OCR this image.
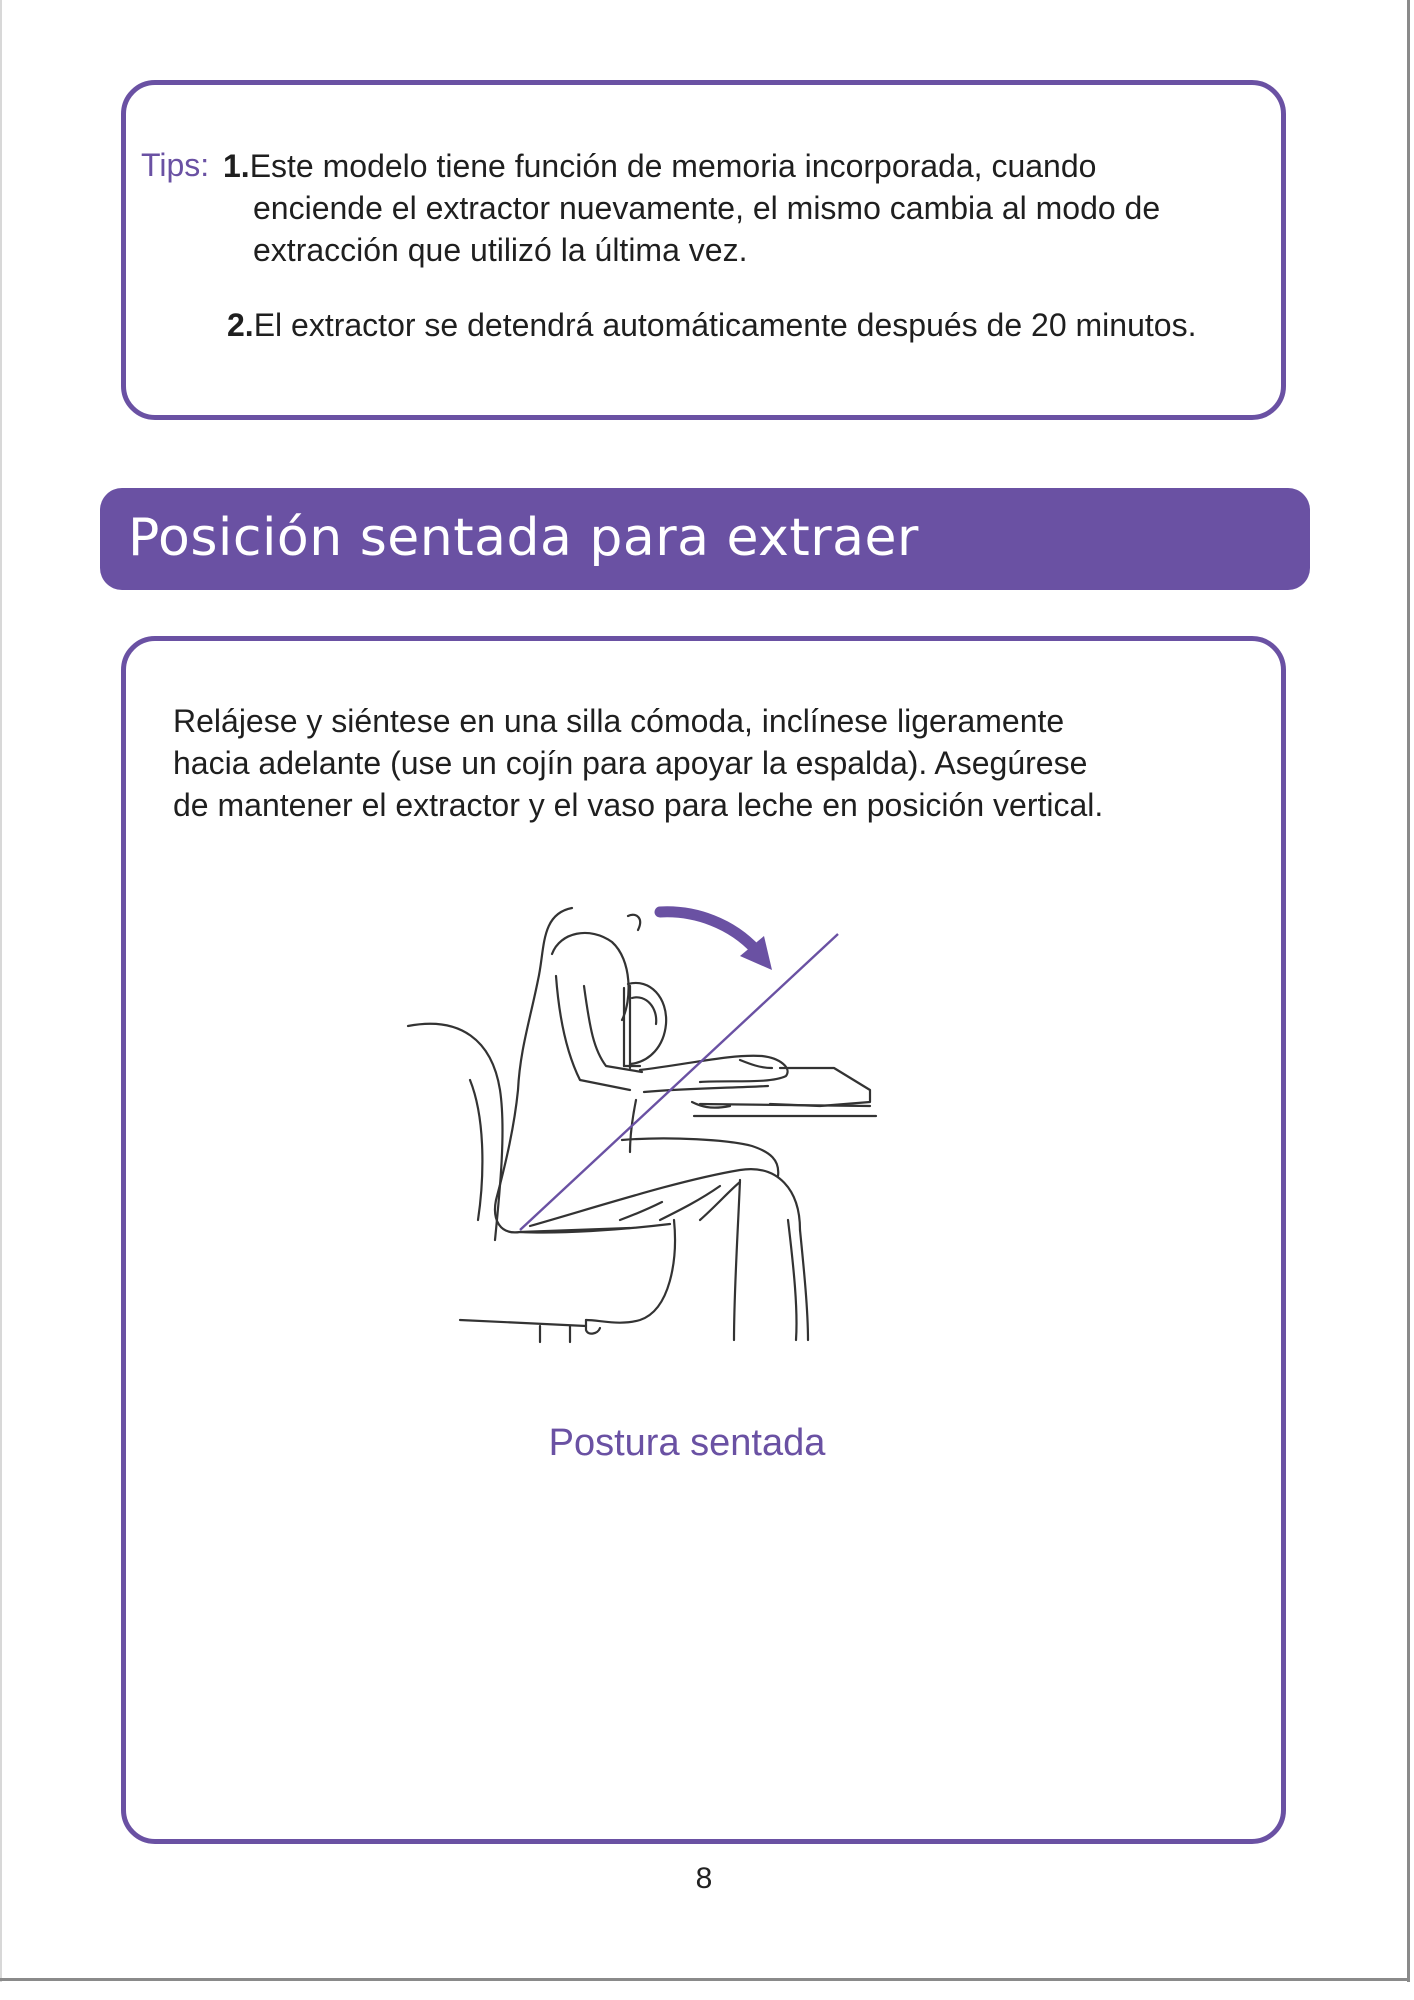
Tips: 1.Este modelo tiene función de memoria incorporada, cuando
enciende el extractor nuevamente, el mismo cambia al modo de
extracción que utilizó la última vez.
2.El extractor se detendrá automáticamente después de 20 minutos.
Posición sentada para extraer
Relájese y siéntese en una silla cómoda, inclínese ligeramente
hacia adelante (use un cojín para apoyar la espalda). Asegúrese
de mantener el extractor y el vaso para leche en posición vertical.
Postura sentada
8
